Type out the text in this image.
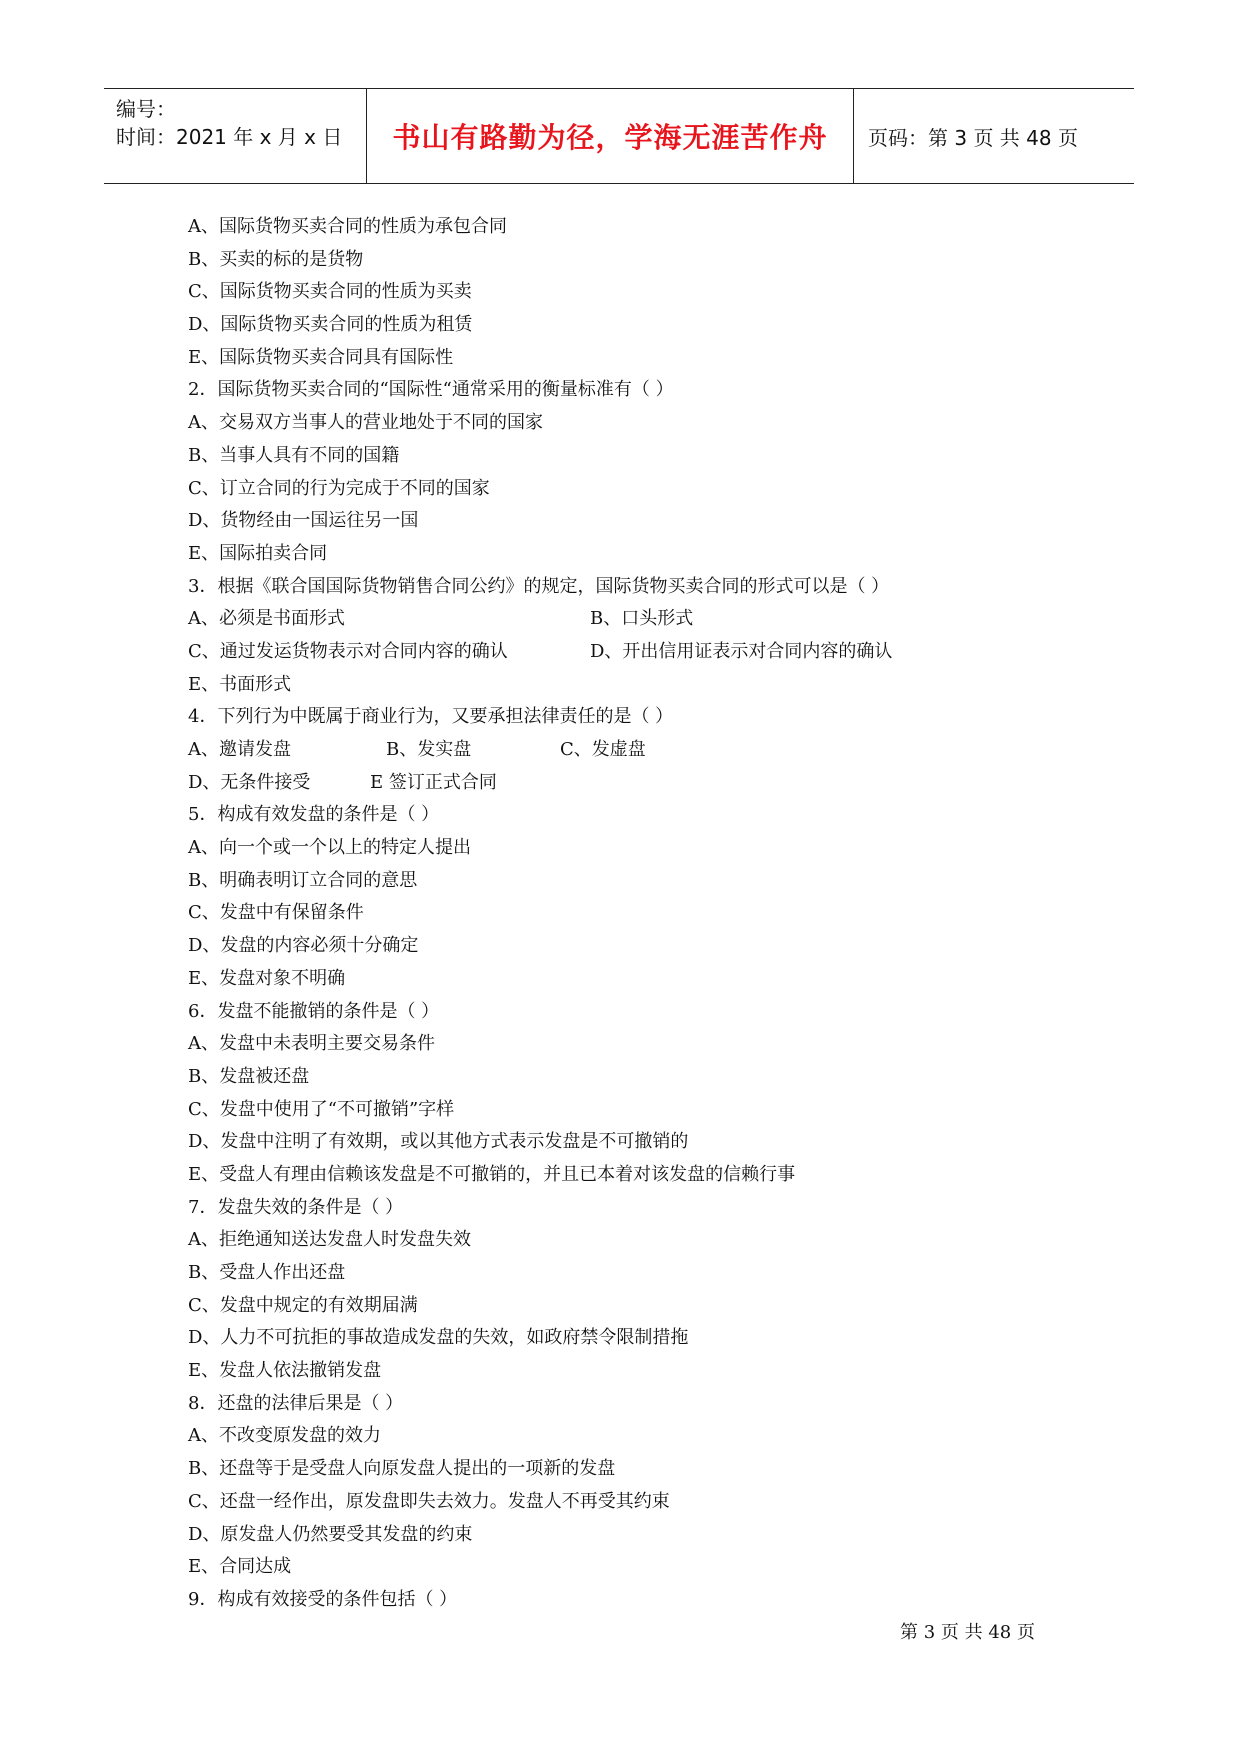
编号：
时间：2021 年 x 月 x 日	书山有路勤为径，学海无涯苦作舟 页码：第 3 页 共 48 页
A、国际货物买卖合同的性质为承包合同
B、买卖的标的是货物
C、国际货物买卖合同的性质为买卖
D、国际货物买卖合同的性质为租赁
E、国际货物买卖合同具有国际性
2．国际货物买卖合同的“国际性“通常采用的衡量标准有（ ）
A、交易双方当事人的营业地处于不同的国家
B、当事人具有不同的国籍
C、订立合同的行为完成于不同的国家
D、货物经由一国运往另一国
E、国际拍卖合同
3．根据《联合国国际货物销售合同公约》的规定，国际货物买卖合同的形式可以是（ ）
A、必须是书面形式	B、口头形式
C、通过发运货物表示对合同内容的确认	D、开出信用证表示对合同内容的确认
E、书面形式
4．下列行为中既属于商业行为，又要承担法律责任的是（ ）
A、邀请发盘	B、发实盘	C、发虚盘
D、无条件接受	E 签订正式合同
5．构成有效发盘的条件是（ ）
A、向一个或一个以上的特定人提出
B、明确表明订立合同的意思
C、发盘中有保留条件
D、发盘的内容必须十分确定
E、发盘对象不明确
6．发盘不能撤销的条件是（ ）
A、发盘中未表明主要交易条件
B、发盘被还盘
C、发盘中使用了“不可撤销”字样
D、发盘中注明了有效期，或以其他方式表示发盘是不可撤销的
E、受盘人有理由信赖该发盘是不可撤销的，并且已本着对该发盘的信赖行事
7．发盘失效的条件是（ ）
A、拒绝通知送达发盘人时发盘失效
B、受盘人作出还盘
C、发盘中规定的有效期届满
D、人力不可抗拒的事故造成发盘的失效，如政府禁令限制措拖
E、发盘人依法撤销发盘
8．还盘的法律后果是（ ）
A、不改变原发盘的效力
B、还盘等于是受盘人向原发盘人提出的一项新的发盘
C、还盘一经作出，原发盘即失去效力。发盘人不再受其约束
D、原发盘人仍然要受其发盘的约束
E、合同达成
9．构成有效接受的条件包括（ ）
第 3 页 共 48 页
